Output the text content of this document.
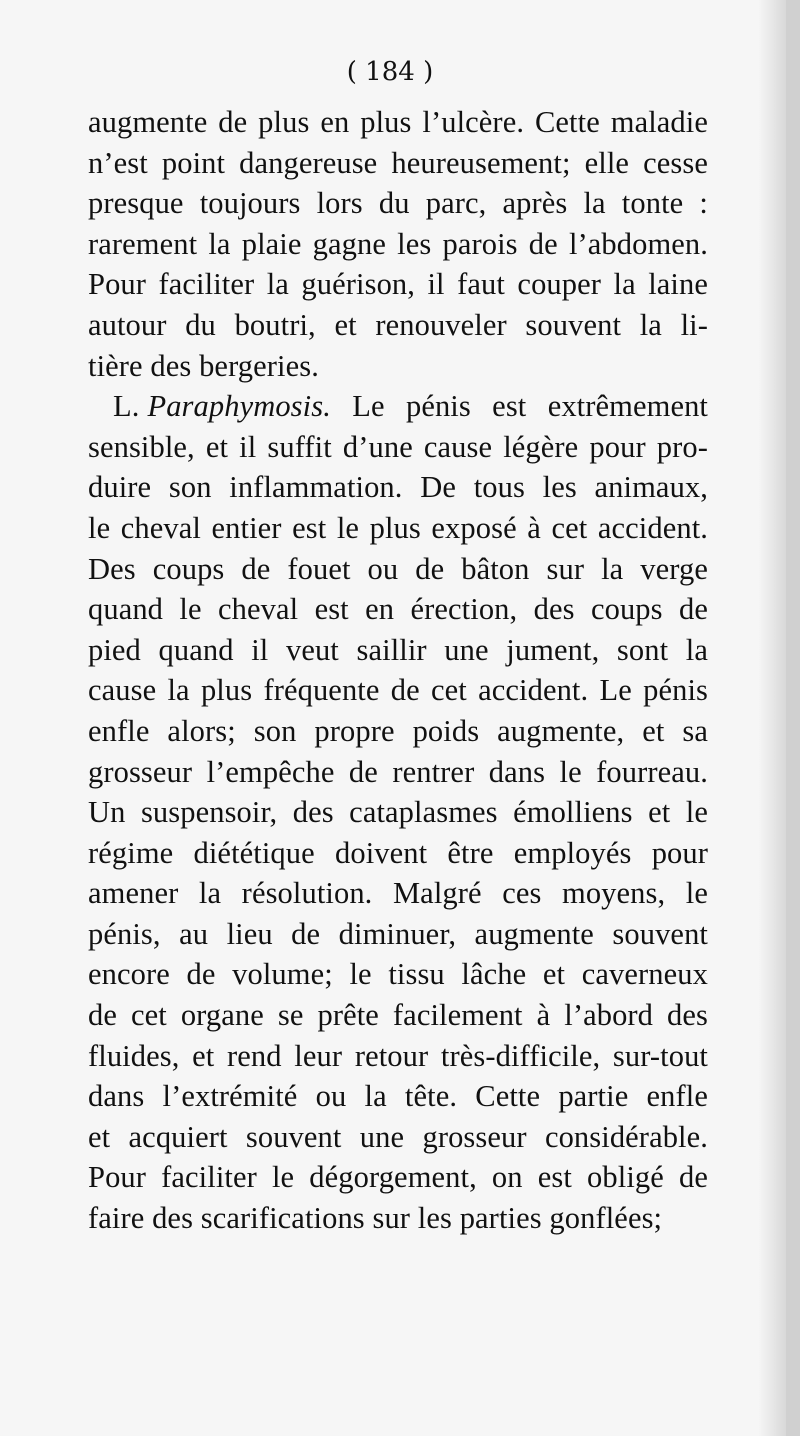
( 184 )
augmente de plus en plus l’ulcère. Cette maladie
n’est point dangereuse heureusement; elle cesse
presque toujours lors du parc, après la tonte :
rarement la plaie gagne les parois de l’abdomen.
Pour faciliter la guérison, il faut couper la laine
autour du boutri, et renouveler souvent la li-
tière des bergeries.
L. Paraphymosis. Le pénis est extrêmement
sensible, et il suffit d’une cause légère pour pro-
duire son inflammation. De tous les animaux,
le cheval entier est le plus exposé à cet accident.
Des coups de fouet ou de bâton sur la verge
quand le cheval est en érection, des coups de
pied quand il veut saillir une jument, sont la
cause la plus fréquente de cet accident. Le pénis
enfle alors; son propre poids augmente, et sa
grosseur l’empêche de rentrer dans le fourreau.
Un suspensoir, des cataplasmes émolliens et le
régime diététique doivent être employés pour
amener la résolution. Malgré ces moyens, le
pénis, au lieu de diminuer, augmente souvent
encore de volume; le tissu lâche et caverneux
de cet organe se prête facilement à l’abord des
fluides, et rend leur retour très-difficile, sur-tout
dans l’extrémité ou la tête. Cette partie enfle
et acquiert souvent une grosseur considérable.
Pour faciliter le dégorgement, on est obligé de
faire des scarifications sur les parties gonflées;
